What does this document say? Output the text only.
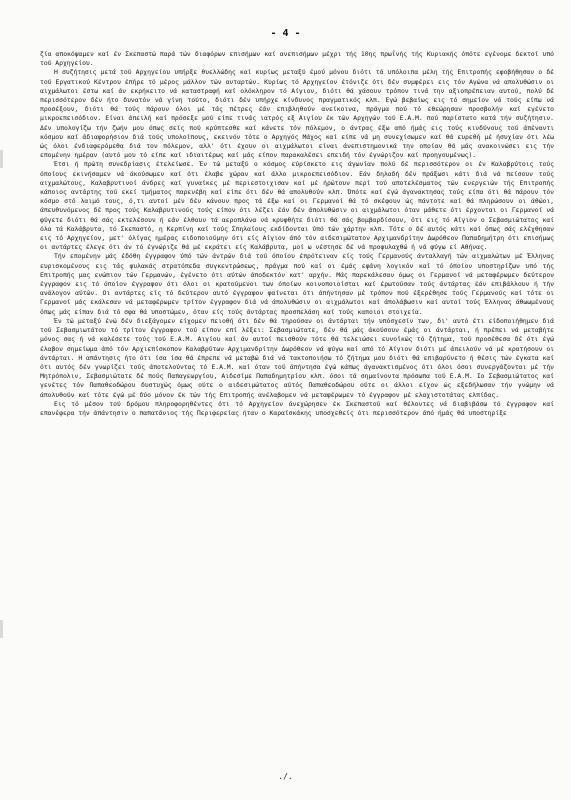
- 4 -

ζία αποκόψαμεν καί έν Σκεπαστώ παρά τών διαφόρων επισήμων καί ανεπισήμων μέχρι τής 10ης πρωΐνής τής Κυριακής όπότε εγένομε δεκτοί υπό τού Αρχηγείου.

Η συζήτησις μετά τού Αρχηγείου υπήρξε θυελλώδης καί κυρίως μεταξύ έμού μόνου διότι τά υπόλοιπα μέλη τής Επιτροπής εφοβήθησαν ο δέ τού Εργατικού Κέντρου έπήρε τό μέρος μάλλον τών ανταρτών. Κυρίως τό Αρχηγείον έτόνιζε ότι δέν συμφέρει εις τόν Αγώνα νά απολυθώσιν οι αιχμάλωτοι έστω καί άν εκρήκειτο νά καταστραφή καί ολόκληρον τό Αίγιον, διότι θά χάσουν τρόπον τινά την αξιοπρέπειαν αυτού, πολύ δέ περισσότερον δέν ήτο δυνατόν νά γίνη τούτο, διότι δέν υπήρχε κίνδυνος πραγματικός κλπ. Εγώ βεβαίως εις τό σημείον νά τούς είπω νά προσέξουν, διότι θά τούς πάρουν όλοι μέ τάς πέτρες έάν επιβληθούν ανείκοινα, πράγμα πού τό εθεώρησαν προσβολήν καί εγένετο μικροεπεισόδιον. Είναι άπειλή καί πρόσεξε μού είπε τινάς ιατρός εξ Αιγίου έκ τών Αρχηγών τού Ε.Α.Μ. πού παρίστατο κατά τήν συζήτησιν. Δέν υπολογίζω τήν ζωήν μου όπως σείς πού κρύπτεσθε καί κάνετε τόν πόλεμον, ο άντρας έξω από ήμάς εις τούς κινδύνους τού άπέναντι κόσμου καί άδιαφορήσιον διά τούς υπολοίπους, εκεινόν τότε ο Αρχηγός Μάχος καί είπε νά μη συνεχίσωμεν καί θά ευρεθή μέ ήσυχίαν ότι λέω ώς όλοι ένδιαφερόμεθα διά τον πόλεμον, αλλ' ότι έχουν οι αιχμάλωτοι είναι άνεπιστημονικά την οποίαν θά μάς ανακοινώσει εις τήν επομένην ημέραν (αυτό μου τό είπε καί ιδιαιτέρως καί μάς είπον παρακαλέσει επειδή τόν έγνώριζον καί προηγουμένως).

Έτσι ή πρώτη συνεδρίασις έτελείωσε. Έν τώ μεταξύ ο κόσμος εύρίσκετο εις άγωνίαν πολύ δέ περισσότερον οι έν Καλαβρύτοις τούς όποίους εκινήσαμεν νά άκούσωμεν καί ότι έλαβε χώραν καί άλλο μικροεπεισόδιον. Εάν δηλαδή δέν πράξωσι κάτι διά νά πείσουν τούς αιχμαλώτους, Καλαβρυτινοί άνδρες καί γυναίκες μέ περιεστοιχισαν καί μέ ήρώτουν περί τού αποτελέσματος τών ενεργειών τής Επιτροπής κάποιος αντάρτης τού εκεί τμήματος παρενέβη καί είπε ότι δέν θά απολυθούν κλπ. Όπότε καί έγώ άγανακτησας τούς είπα ότι θά πάρουν τόν κόσμο στό λαιμό τους, ό,τι αυτοί μέν δέν κάνουν προς τά έξω καί οι Γερμανοί θά τό σκέφουν ώς πάντοτε καί θά πληρώσουν οι άθώοι, άπευθυνόμενος δέ προς τούς Καλαβρυτινούς τούς είπον ότι λέζει έάν δέν άπολυθώσιν οι αιχμάλωτοι όταν μάθετε ότι έρχονται οι Γερμανοί νά φύγετε διότι θά σάς εκτελέσουν ή εάν έλθουν τά αεροπλάνα νά κρυφθήτε διότι θά σάς βομβαρδίσουν, ότι εις τό Αίγιον ο Σεβασμιώτατος καί όλα τά Καλάβρυτα, τό Σκεπαστό, η Κερπίνη καί τούς Σπηλαίους εκδίδονται ύπό τών χάρτην κλπ. Τότε ο δέ αυτός κάτι καί όπως σάς ελέχθησαν εις τό Αρχηγείον, μετ' όλίγας ημέρας ειδοποιούμην ότι είς Αίγιον άπό τόν αιδεσιμώτατον Αρχιμανδρίτην Δωρόθεον Παπαδημήτρη ότι επισήμως οι αντάρτες έλεγε ότι άν τό έγνώριζε θά μέ εκράτει είς Καλάβρυτα, μοί ω νέστησε δέ νά προφυλαχθώ ή νά φύγω εί Αθήνας.

Τήν επομένην μάς έδόθη έγγραφον ύπό τών άντρών διά τού όποίου έπρότειναν είς τούς Γερμανούς άνταλλαγή τών αιχμαλώτων μέ Έλληνας ευρισκομένους εις τάς φυλακάς στρατόπεδα συγκεντρώσεως, πράγμα πού καί οι έμάς εφάνη λογικόν καί τό όποίον υποστηρίζων υπό τής Επιτροπής μας ενώπιον τών Γερμανών, έγένετο ότι αύτών άποδεκτόν κατ' αρχήν. Μάς παρεκάλεσαν όμως οι Γερμανοί νά μεταφέρωμεν δεύτερον έγγραφον εις τό όποίον έγγραφον ότι όλοι οι κρατούμενοι των όποίων κοινοποιοίσται καί έρωτούσαν τούς άντάρτας έάν επιβάλλουν ή τήν ανάλογον αύτών. Οι αντάρτες είς τό δεύτερον αυτό έγγραφον φαίνεται ότι άπήντησαν μέ τρόπον πού έξερέθησε τούς Γερμανούς καί τότε οι Γερμανοί μάς εκάλεσαν νά μεταφέρωμεν τρίτον έγγραφον διά νά άπολυθώσιν οι αιχμάλωτοι καί άπολάβωσιν καί αυτοί τούς Έλληνας άθωωμένους όπως μάς είπαν διά τό σφα θά υποστώμεν, όταν είς τούς άντάρτας προσπελάση καί τούς καποιοι στοιχεία.

Έν τώ μεταξύ ένώ δέν διεξάγομεν είχομεν πειοθή ότι δέν θά τηρούσαν οι άντάρται τήν υπόσχεσίν των, δι' αυτό έτι είδοποιήθημεν διά τού Σεβασμιωτάτου τό τρίτον έγγραφον τού είπον επί λέξει: Σεβασμιώτατε, δέν θά μάς άκούσουν έμάς οι άντάρται, ή πρέπει νά μεταβήτε μόνος σας ή νά καλέσετε τούς τού Ε.Α.Μ. Αιγίου καί άν αυτοί πεισθούν τότε θά τελειώσει ευνοϊκώς τό ζήτημα, τού προσέθεσα δέ ότι έγώ έλαβον σημείωμα άπό τόν Αρχιεπίσκοπον Καλαβρύτων Αρχιμανδρίτην Δωρόθεον νά φύγω καί από τό Αίγιον διότι μέ άπειλούν νά μέ κρατήσουν οι άντάρται. Η απάντησις ήτο ότι ίσα ίσα θά έπρεπε νά μεταβώ διά νά τακτοποιήσω τό ζήτημα μου διότι θά επιβαρύνετο ή θέσις τών έγκατα καί ότι αυτός δέν γνωρίζει τούς άποτελούντας τό Ε.Α.Μ. καί όταν τού άπήντησα έγώ κάπως άγανακτισμένος ότι όλοι όσοι συνεργάζονται μέ τήν Μητρόπολιν, Σεβασμιώτατε δέ πούς Παπαγεωργίου, Αιδεσίμε Παπαδημητρίου κλπ. όσοι τά σημαίνοντα πρόσωπα τού Ε.Α.Μ. Ιο Σεβασμιώτατος καί γενέτες τόν Παπαθεοδώρου δυστυχώς όμως ούτε ο αιδεσιμώτατος αύτός Παπαθεοδώρου ούτε οι άλλοι είχον ώς εξεδήλωσαν τήν γνώμην νά άπολυθούν καί τότε έγώ μέ δύο μόνον έκ τών τής Επιτροπής ανέλαβομεν νά μεταφέρωμεν τό έγγραφον μέ ελαχιστοτάτας ελπίδας.

Εις τό μέσον τού δρόμου πληροφορηθέντες ότι τό Αρχηγείον άνεχώρησεν έκ Σκεπαστού καί θέλοντες νά διαβιβάσω τό έγγραφον καί επανέφερα τήν άπάντησιν ο παπατάνιος τής Περιφερείας ήταν ο Καραϊσκάκης υποσχεθείς ότι περισσότερον άπό ήμάς θά υποστηρίξε

./.
